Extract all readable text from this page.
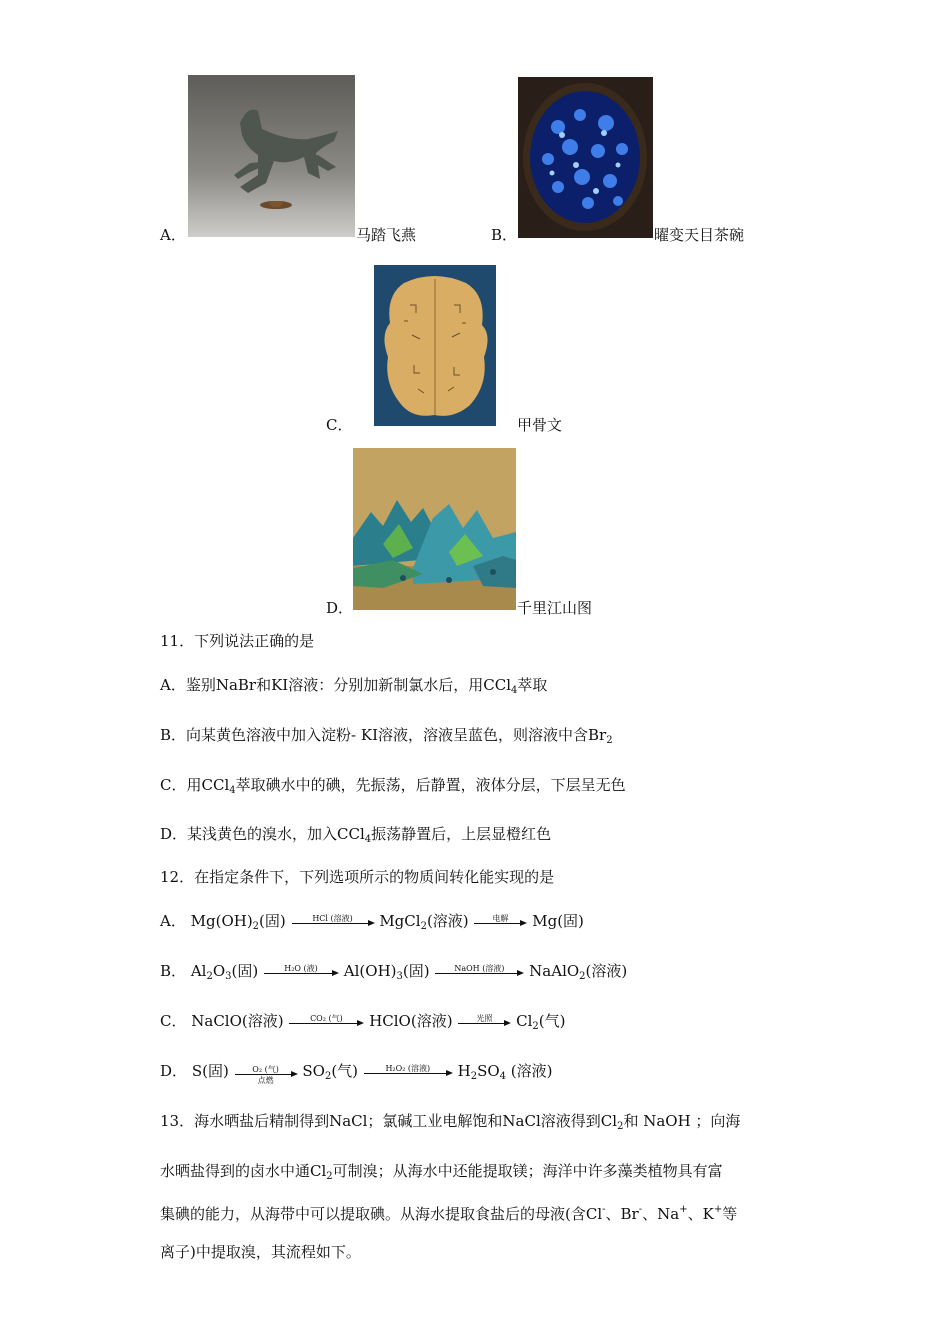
A．	马踏飞燕	B．	曜变天目茶碗
C．	甲骨文
D．	千里江山图
11．下列说法正确的是
A．鉴别NaBr和KI溶液：分别加新制氯水后，用CCl$_4$萃取
B．向某黄色溶液中加入淀粉- KI溶液，溶液呈蓝色，则溶液中含$Br_2$
C．用CCl$_4$萃取碘水中的碘，先振荡，后静置，液体分层，下层呈无色
D．某浅黄色的溴水，加入CCl$_4$振荡静置后，上层显橙红色
12．在指定条件下，下列选项所示的物质间转化能实现的是
A． $Mg(OH)_2$(固)	HCl (溶液)	MgCl$_2$(溶液)	电解	Mg(固)
B． $Al_2O_3$(固)	H₂O (液)	$Al(OH)_3$(固)	NaOH (溶液)	NaAlO$_2$(溶液)
C． NaClO(溶液)	CO₂ (气)	HClO(溶液)	光照	$Cl_2$(气)
D． S(固)	O₂ (气)
点燃
$SO_2$(气)	H₂O₂ (溶液)	$H_2SO_4$ (溶液)
13．海水晒盐后精制得到NaCl；氯碱工业电解饱和NaCl溶液得到$Cl_2$和 NaOH ；向海
水晒盐得到的卤水中通$Cl_2$可制溴；从海水中还能提取镁；海洋中许多藻类植物具有富
集碘的能力，从海带中可以提取碘。从海水提取食盐后的母液(含Cl-、Br-、Na+、K+等
离子)中提取溴，其流程如下。
